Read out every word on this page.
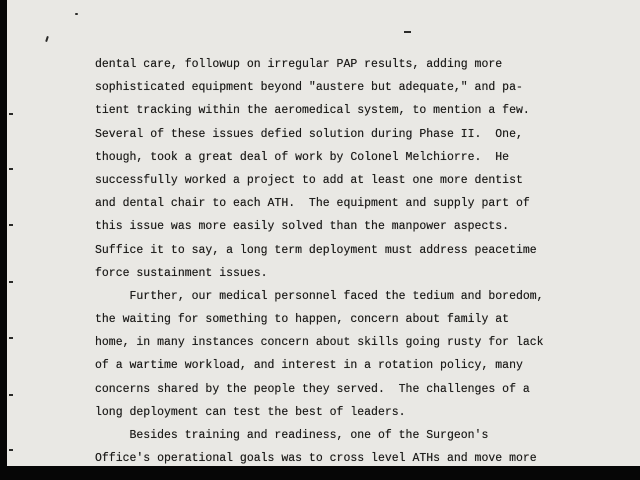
dental care, followup on irregular PAP results, adding more
sophisticated equipment beyond "austere but adequate," and pa-
tient tracking within the aeromedical system, to mention a few.
Several of these issues defied solution during Phase II.  One,
though, took a great deal of work by Colonel Melchiorre.  He
successfully worked a project to add at least one more dentist
and dental chair to each ATH.  The equipment and supply part of
this issue was more easily solved than the manpower aspects.
Suffice it to say, a long term deployment must address peacetime
force sustainment issues.
Further, our medical personnel faced the tedium and boredom,
the waiting for something to happen, concern about family at
home, in many instances concern about skills going rusty for lack
of a wartime workload, and interest in a rotation policy, many
concerns shared by the people they served.  The challenges of a
long deployment can test the best of leaders.
Besides training and readiness, one of the Surgeon's
Office's operational goals was to cross level ATHs and move more
